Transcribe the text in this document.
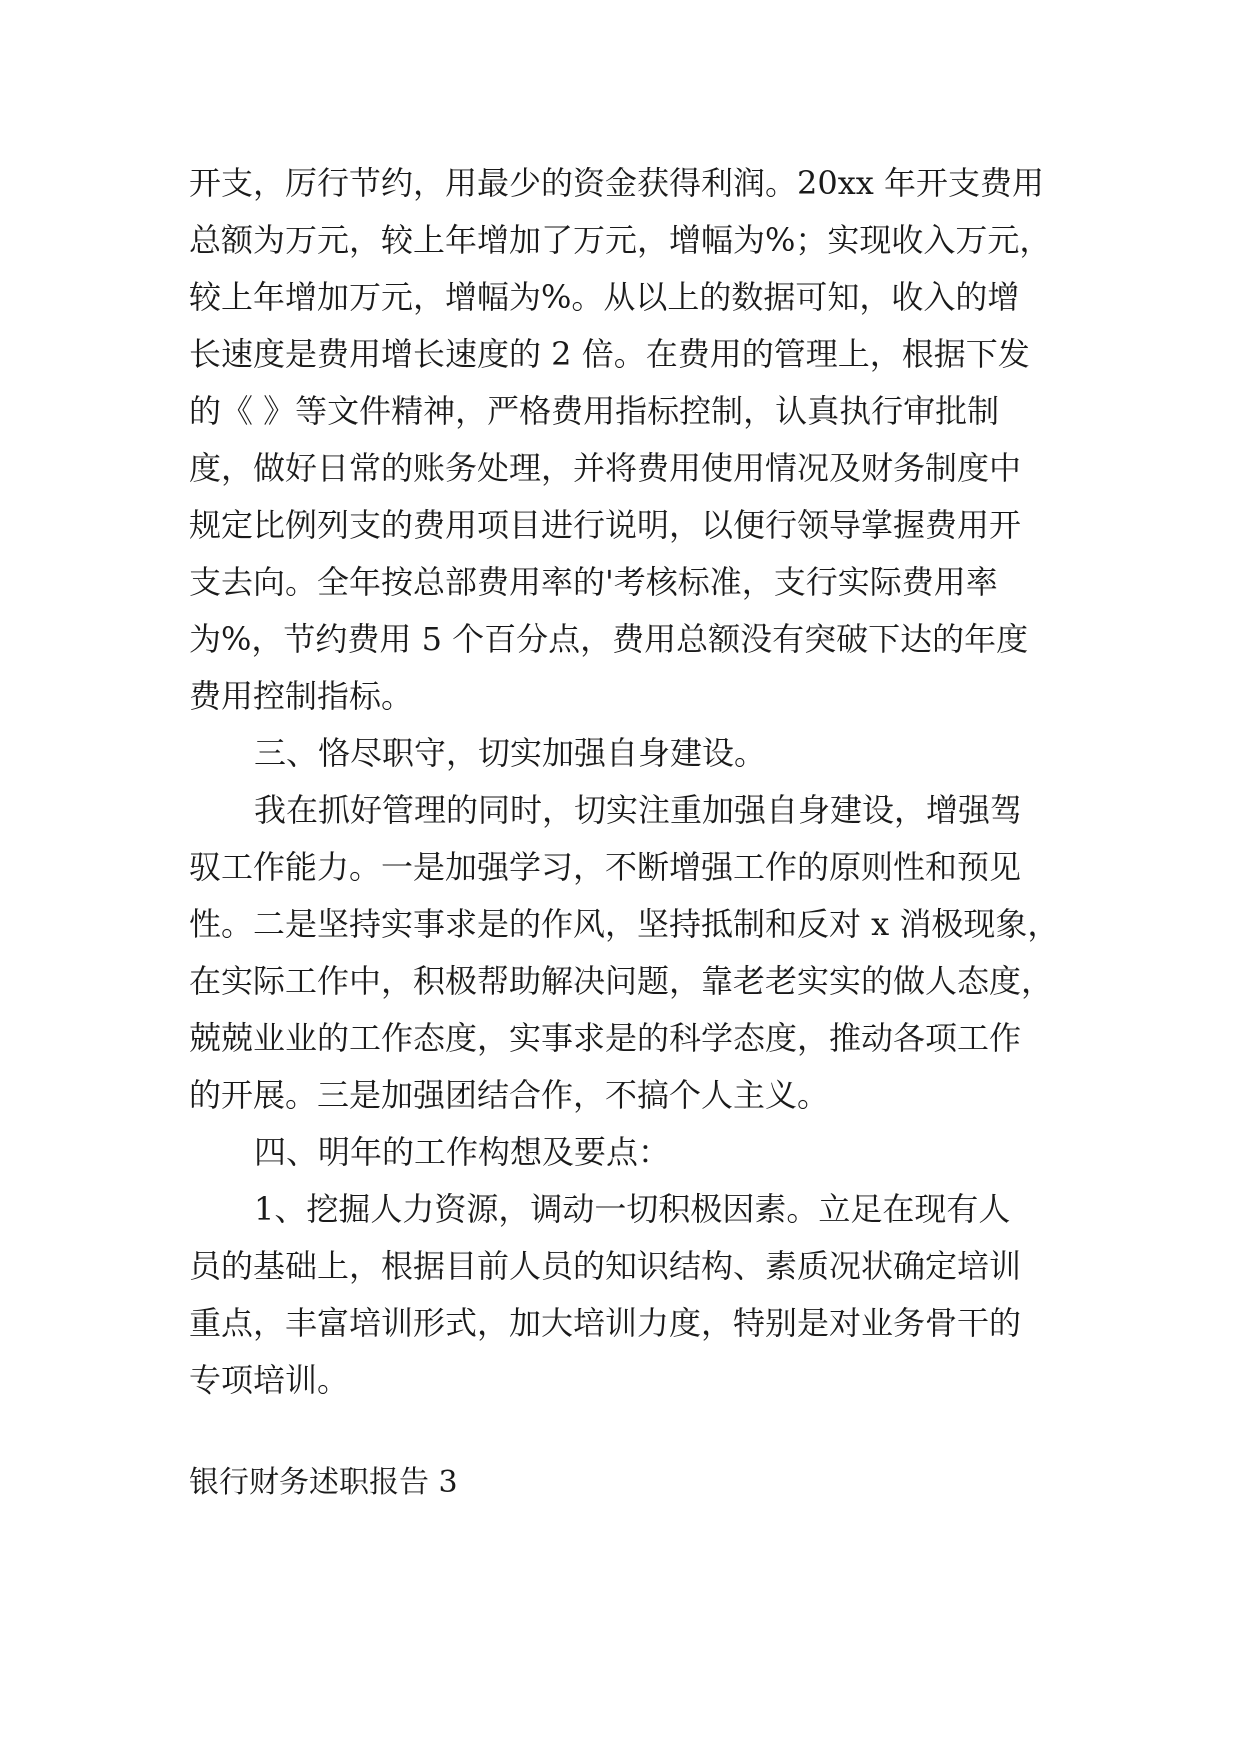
开支，厉行节约，用最少的资金获得利润。20xx 年开支费用
总额为万元，较上年增加了万元，增幅为%；实现收入万元，
较上年增加万元，增幅为%。从以上的数据可知，收入的增
长速度是费用增长速度的 2 倍。在费用的管理上，根据下发
的《 》等文件精神，严格费用指标控制，认真执行审批制
度，做好日常的账务处理，并将费用使用情况及财务制度中
规定比例列支的费用项目进行说明，以便行领导掌握费用开
支去向。全年按总部费用率的'考核标准，支行实际费用率
为%，节约费用 5 个百分点，费用总额没有突破下达的年度
费用控制指标。
三、恪尽职守，切实加强自身建设。
我在抓好管理的同时，切实注重加强自身建设，增强驾
驭工作能力。一是加强学习，不断增强工作的原则性和预见
性。二是坚持实事求是的作风，坚持抵制和反对 x 消极现象，
在实际工作中，积极帮助解决问题，靠老老实实的做人态度，
兢兢业业的工作态度，实事求是的科学态度，推动各项工作
的开展。三是加强团结合作，不搞个人主义。
四、明年的工作构想及要点：
1、挖掘人力资源，调动一切积极因素。立足在现有人
员的基础上，根据目前人员的知识结构、素质况状确定培训
重点，丰富培训形式，加大培训力度，特别是对业务骨干的
专项培训。
银行财务述职报告 3
